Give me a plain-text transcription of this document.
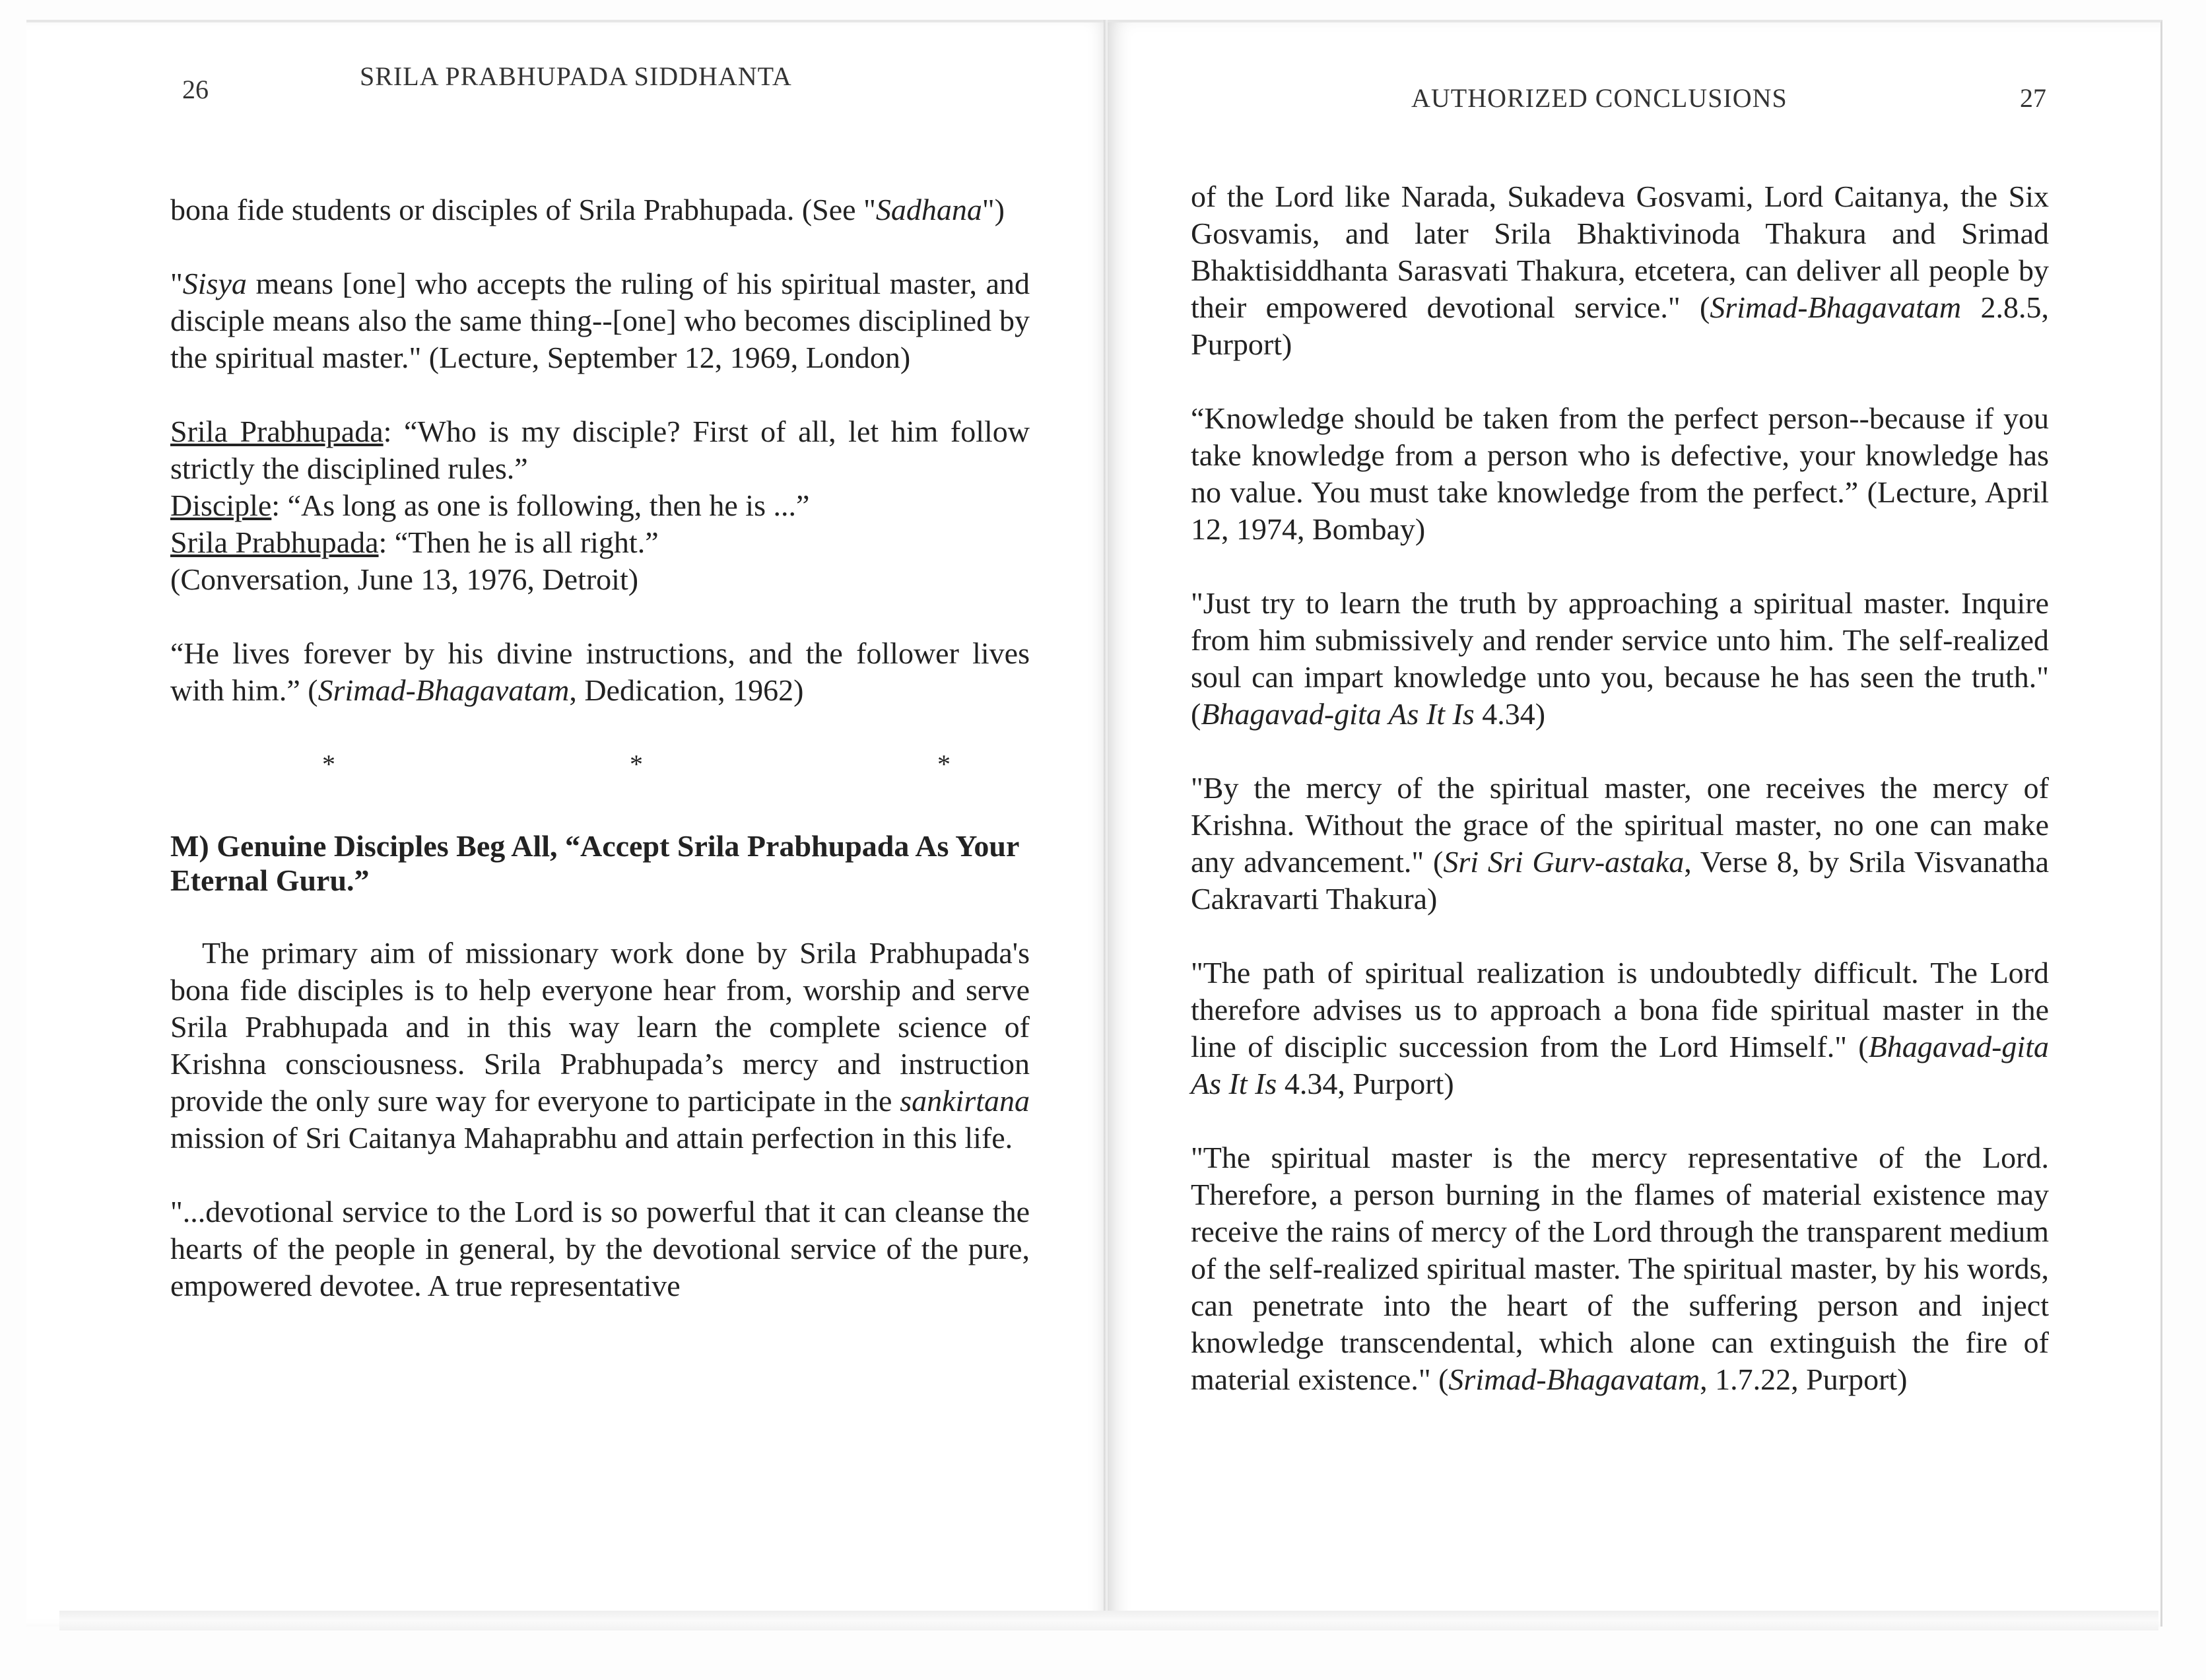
26	SRILA PRABHUPADA SIDDHANTA

bona fide students or disciples of Srila Prabhupada. (See "Sadhana")

"Sisya means [one] who accepts the ruling of his spiritual master, and disciple means also the same thing--[one] who becomes disciplined by the spiritual master." (Lecture, September 12, 1969, London)

Srila Prabhupada: “Who is my disciple? First of all, let him follow strictly the disciplined rules.”

Disciple: “As long as one is following, then he is ...”

Srila Prabhupada: “Then he is all right.”

(Conversation, June 13, 1976, Detroit)

“He lives forever by his divine instructions, and the follower lives with him.” (Srimad-Bhagavatam, Dedication, 1962)

*	*	*

M) Genuine Disciples Beg All, “Accept Srila Prabhupada As Your Eternal Guru.”

The primary aim of missionary work done by Srila Prabhupada's bona fide disciples is to help everyone hear from, worship and serve Srila Prabhupada and in this way learn the complete science of Krishna consciousness. Srila Prabhupada’s mercy and instruction provide the only sure way for everyone to participate in the sankirtana mission of Sri Caitanya Mahaprabhu and attain perfection in this life.

"...devotional service to the Lord is so powerful that it can cleanse the hearts of the people in general, by the devotional service of the pure, empowered devotee. A true representative

AUTHORIZED CONCLUSIONS	27

of the Lord like Narada, Sukadeva Gosvami, Lord Caitanya, the Six Gosvamis, and later Srila Bhaktivinoda Thakura and Srimad Bhaktisiddhanta Sarasvati Thakura, etcetera, can deliver all people by their empowered devotional service." (Srimad-Bhagavatam 2.8.5, Purport)

“Knowledge should be taken from the perfect person--because if you take knowledge from a person who is defective, your knowledge has no value. You must take knowledge from the perfect.” (Lecture, April 12, 1974, Bombay)

"Just try to learn the truth by approaching a spiritual master. Inquire from him submissively and render service unto him. The self-realized soul can impart knowledge unto you, because he has seen the truth." (Bhagavad-gita As It Is 4.34)

"By the mercy of the spiritual master, one receives the mercy of Krishna. Without the grace of the spiritual master, no one can make any advancement." (Sri Sri Gurv-astaka, Verse 8, by Srila Visvanatha Cakravarti Thakura)

"The path of spiritual realization is undoubtedly difficult. The Lord therefore advises us to approach a bona fide spiritual master in the line of disciplic succession from the Lord Himself." (Bhagavad-gita As It Is 4.34, Purport)

"The spiritual master is the mercy representative of the Lord. Therefore, a person burning in the flames of material existence may receive the rains of mercy of the Lord through the transparent medium of the self-realized spiritual master. The spiritual master, by his words, can penetrate into the heart of the suffering person and inject knowledge transcendental, which alone can extinguish the fire of material existence." (Srimad-Bhagavatam, 1.7.22, Purport)
